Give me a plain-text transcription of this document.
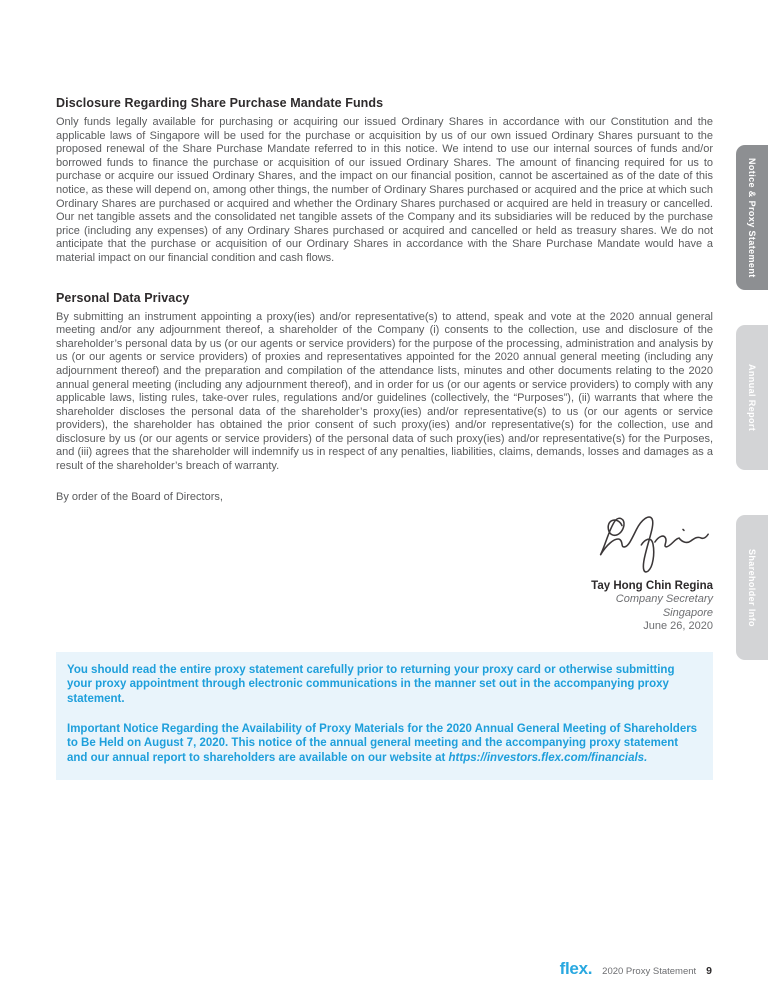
Disclosure Regarding Share Purchase Mandate Funds

Only funds legally available for purchasing or acquiring our issued Ordinary Shares in accordance with our Constitution and the applicable laws of Singapore will be used for the purchase or acquisition by us of our own issued Ordinary Shares pursuant to the proposed renewal of the Share Purchase Mandate referred to in this notice. We intend to use our internal sources of funds and/or borrowed funds to finance the purchase or acquisition of our issued Ordinary Shares. The amount of financing required for us to purchase or acquire our issued Ordinary Shares, and the impact on our financial position, cannot be ascertained as of the date of this notice, as these will depend on, among other things, the number of Ordinary Shares purchased or acquired and the price at which such Ordinary Shares are purchased or acquired and whether the Ordinary Shares purchased or acquired are held in treasury or cancelled. Our net tangible assets and the consolidated net tangible assets of the Company and its subsidiaries will be reduced by the purchase price (including any expenses) of any Ordinary Shares purchased or acquired and cancelled or held as treasury shares. We do not anticipate that the purchase or acquisition of our Ordinary Shares in accordance with the Share Purchase Mandate would have a material impact on our financial condition and cash flows.

Personal Data Privacy

By submitting an instrument appointing a proxy(ies) and/or representative(s) to attend, speak and vote at the 2020 annual general meeting and/or any adjournment thereof, a shareholder of the Company (i) consents to the collection, use and disclosure of the shareholder’s personal data by us (or our agents or service providers) for the purpose of the processing, administration and analysis by us (or our agents or service providers) of proxies and representatives appointed for the 2020 annual general meeting (including any adjournment thereof) and the preparation and compilation of the attendance lists, minutes and other documents relating to the 2020 annual general meeting (including any adjournment thereof), and in order for us (or our agents or service providers) to comply with any applicable laws, listing rules, take-over rules, regulations and/or guidelines (collectively, the “Purposes”), (ii) warrants that where the shareholder discloses the personal data of the shareholder’s proxy(ies) and/or representative(s) to us (or our agents or service providers), the shareholder has obtained the prior consent of such proxy(ies) and/or representative(s) for the collection, use and disclosure by us (or our agents or service providers) of the personal data of such proxy(ies) and/or representative(s) for the Purposes, and (iii) agrees that the shareholder will indemnify us in respect of any penalties, liabilities, claims, demands, losses and damages as a result of the shareholder’s breach of warranty.

By order of the Board of Directors,

Tay Hong Chin Regina
Company Secretary
Singapore
June 26, 2020

You should read the entire proxy statement carefully prior to returning your proxy card or otherwise submitting your proxy appointment through electronic communications in the manner set out in the accompanying proxy statement.

Important Notice Regarding the Availability of Proxy Materials for the 2020 Annual General Meeting of Shareholders to Be Held on August 7, 2020. This notice of the annual general meeting and the accompanying proxy statement and our annual report to shareholders are available on our website at https://investors.flex.com/financials.

Notice & Proxy Statement
Annual Report
Shareholder Info
flex. 2020 Proxy Statement 9
